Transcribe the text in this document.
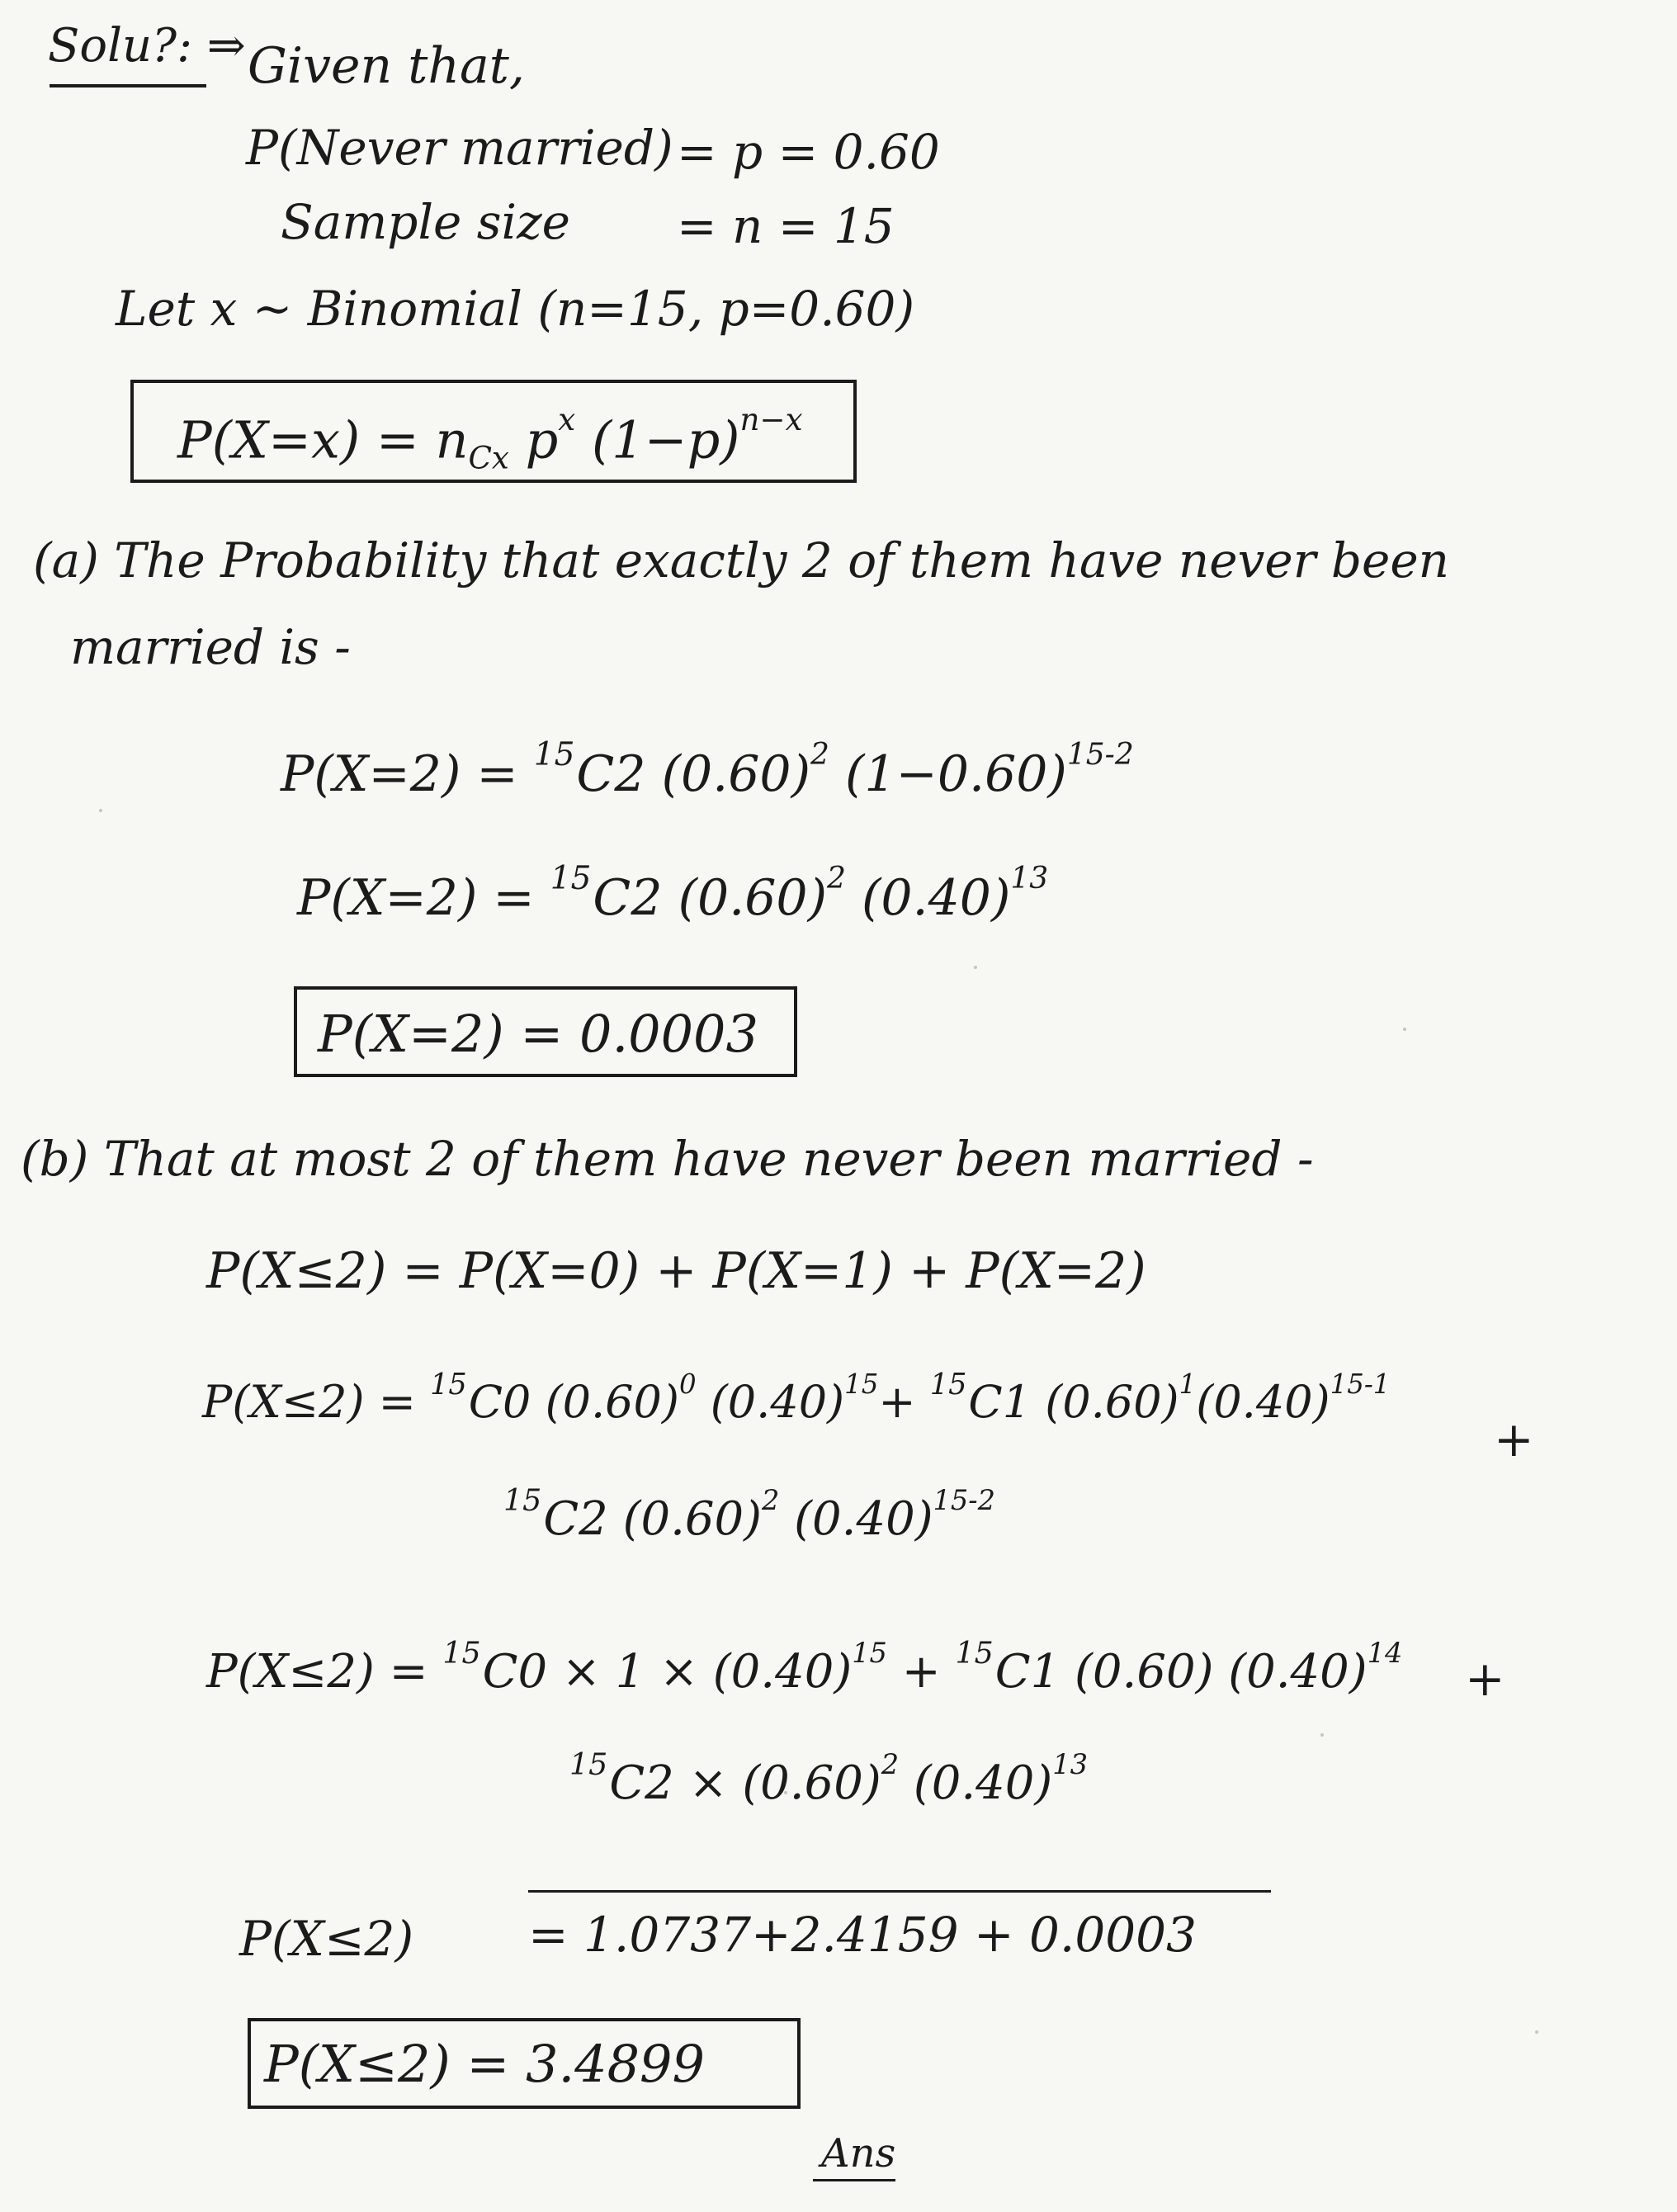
Solu?: ⇒ Given that,
P(Never married) = p = 0.60
Sample size = n = 15
Let x ~ Binomial (n=15, p=0.60)
$P(X=x) = n_{Cx}$ $p^x$ $(1-p)^{n-x}$
(a) The Probability that exactly 2 of them have never been
married is -
P(X=2) = $^{15}$C2 $(0.60)^2$ $(1-0.60)^{15-2}$
P(X=2) = $^{15}$C2 $(0.60)^2$ $(0.40)^{13}$
P(X=2) = 0.0003
(b) That at most 2 of them have never been married -
P(X≤2) = P(X=0) + P(X=1) + P(X=2)
P(X≤2) = $^{15}$C0 $(0.60)^0$ $(0.40)^{15}+ ^{15}C1$ $(0.60)^1(0.40)^{15-1}$
+
$^{15}$C2 $(0.60)^2$ $(0.40)^{15-2}$
$P(X\le 2) = ^{15}C0 \times 1 \times (0.40)^{15} + ^{15}C1$ (0.60) $(0.40)^{14}$ +
$^{15}C2 \times (0.60)^2$ $(0.40)^{13}$
P(X≤2) = 1.0737+2.4159 + 0.0003
P(X≤2) = 3.4899
Ans
